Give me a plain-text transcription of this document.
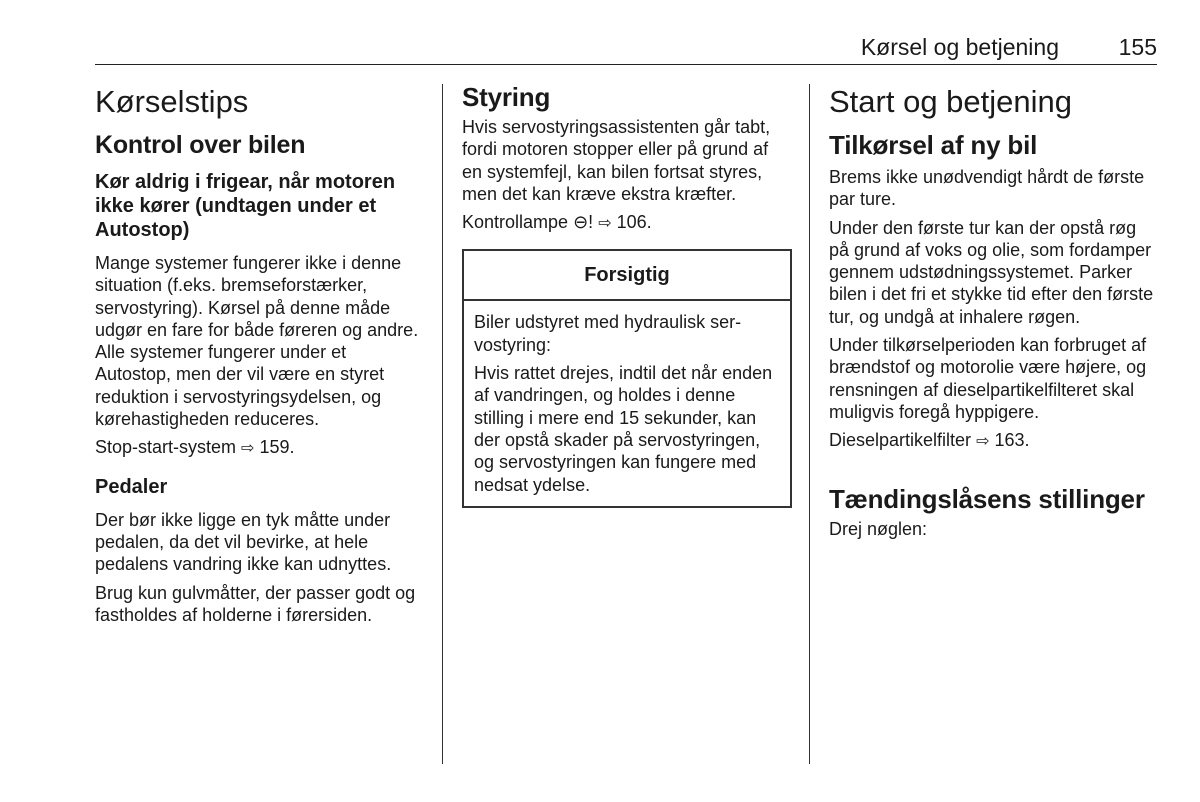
Kørsel og betjening	155
Kørselstips
Kontrol over bilen
Kør aldrig i frigear, når motoren ikke kører (undtagen under et Autostop)

Mange systemer fungerer ikke i denne situation (f.eks. bremseforstærker, servostyring). Kørsel på denne måde udgør en fare for både føreren og andre. Alle systemer fungerer under et Autostop, men der vil være en styret reduktion i servostyringsydelsen, og kørehastigheden reduceres.

Stop-start-system ⇨ 159.

Pedaler

Der bør ikke ligge en tyk måtte under pedalen, da det vil bevirke, at hele pedalens vandring ikke kan udnyttes.

Brug kun gulvmåtter, der passer godt og fastholdes af holderne i førersiden.

Styring

Hvis servostyringsassistenten går tabt, fordi motoren stopper eller på grund af en systemfejl, kan bilen fortsat styres, men det kan kræve ekstra kræfter.

Kontrollampe ⊖! ⇨ 106.

Forsigtig

Biler udstyret med hydraulisk servostyring:

Hvis rattet drejes, indtil det når enden af vandringen, og holdes i denne stilling i mere end 15 sekunder, kan der opstå skader på servostyringen, og servostyringen kan fungere med nedsat ydelse.

Start og betjening
Tilkørsel af ny bil

Brems ikke unødvendigt hårdt de første par ture.

Under den første tur kan der opstå røg på grund af voks og olie, som fordamper gennem udstødningssystemet. Parker bilen i det fri et stykke tid efter den første tur, og undgå at inhalere røgen.

Under tilkørselperioden kan forbruget af brændstof og motorolie være højere, og rensningen af dieselpartikelfilteret skal muligvis foregå hyppigere.

Dieselpartikelfilter ⇨ 163.

Tændingslåsens stillinger

Drej nøglen:
